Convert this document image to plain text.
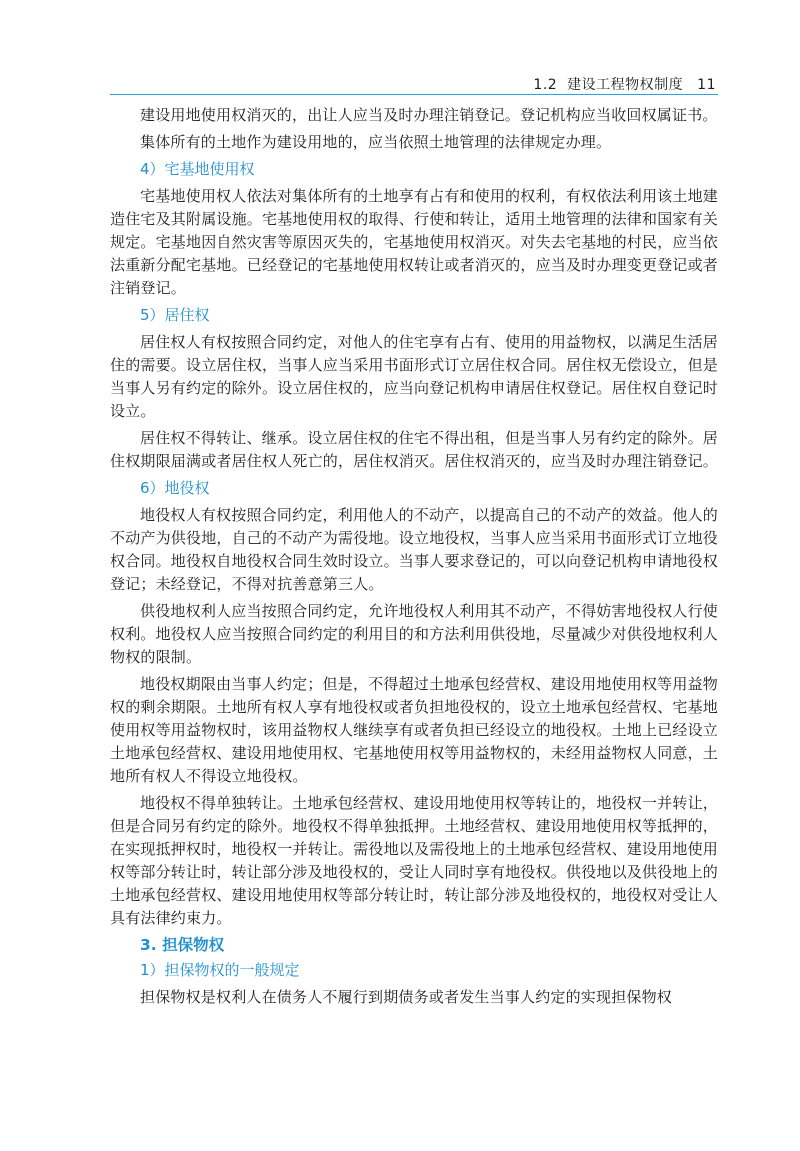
1.2 建设工程物权制度 11

建设用地使用权消灭的，出让人应当及时办理注销登记。登记机构应当收回权属证书。

集体所有的土地作为建设用地的，应当依照土地管理的法律规定办理。

4）宅基地使用权

宅基地使用权人依法对集体所有的土地享有占有和使用的权利，有权依法利用该土地建造住宅及其附属设施。宅基地使用权的取得、行使和转让，适用土地管理的法律和国家有关规定。宅基地因自然灾害等原因灭失的，宅基地使用权消灭。对失去宅基地的村民，应当依法重新分配宅基地。已经登记的宅基地使用权转让或者消灭的，应当及时办理变更登记或者注销登记。

5）居住权

居住权人有权按照合同约定，对他人的住宅享有占有、使用的用益物权，以满足生活居住的需要。设立居住权，当事人应当采用书面形式订立居住权合同。居住权无偿设立，但是当事人另有约定的除外。设立居住权的，应当向登记机构申请居住权登记。居住权自登记时设立。

居住权不得转让、继承。设立居住权的住宅不得出租，但是当事人另有约定的除外。居住权期限届满或者居住权人死亡的，居住权消灭。居住权消灭的，应当及时办理注销登记。

6）地役权

地役权人有权按照合同约定，利用他人的不动产，以提高自己的不动产的效益。他人的不动产为供役地，自己的不动产为需役地。设立地役权，当事人应当采用书面形式订立地役权合同。地役权自地役权合同生效时设立。当事人要求登记的，可以向登记机构申请地役权登记；未经登记，不得对抗善意第三人。

供役地权利人应当按照合同约定，允许地役权人利用其不动产，不得妨害地役权人行使权利。地役权人应当按照合同约定的利用目的和方法利用供役地，尽量减少对供役地权利人物权的限制。

地役权期限由当事人约定；但是，不得超过土地承包经营权、建设用地使用权等用益物权的剩余期限。土地所有权人享有地役权或者负担地役权的，设立土地承包经营权、宅基地使用权等用益物权时，该用益物权人继续享有或者负担已经设立的地役权。土地上已经设立土地承包经营权、建设用地使用权、宅基地使用权等用益物权的，未经用益物权人同意，土地所有权人不得设立地役权。

地役权不得单独转让。土地承包经营权、建设用地使用权等转让的，地役权一并转让，但是合同另有约定的除外。地役权不得单独抵押。土地经营权、建设用地使用权等抵押的，在实现抵押权时，地役权一并转让。需役地以及需役地上的土地承包经营权、建设用地使用权等部分转让时，转让部分涉及地役权的，受让人同时享有地役权。供役地以及供役地上的土地承包经营权、建设用地使用权等部分转让时，转让部分涉及地役权的，地役权对受让人具有法律约束力。

3. 担保物权
1）担保物权的一般规定

担保物权是权利人在债务人不履行到期债务或者发生当事人约定的实现担保物权
